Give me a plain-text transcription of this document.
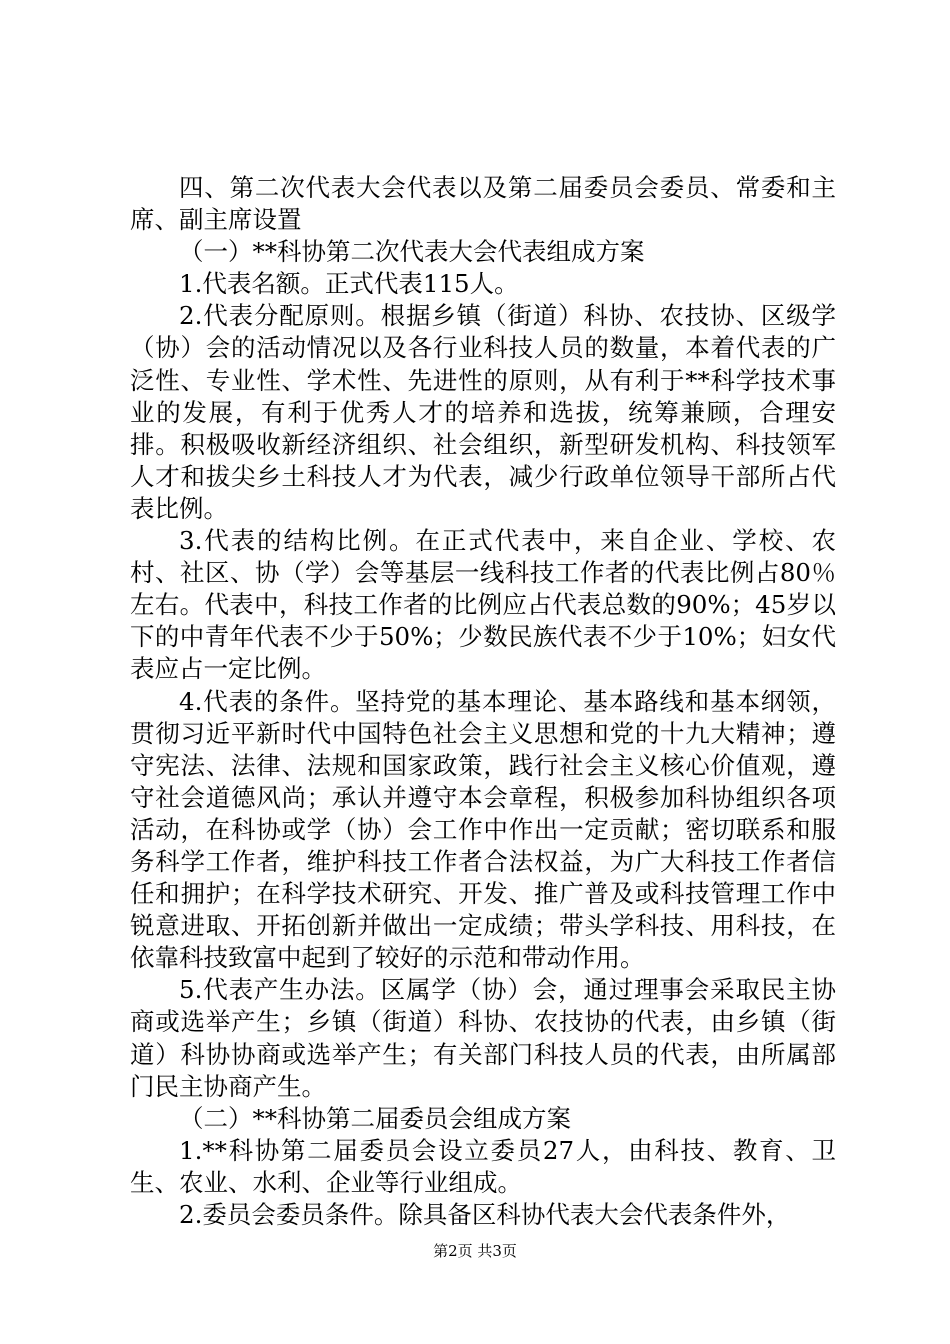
四、第二次代表大会代表以及第二届委员会委员、常委和主席、副主席设置

（一）**科协第二次代表大会代表组成方案

1.代表名额。正式代表115人。

2.代表分配原则。根据乡镇（街道）科协、农技协、区级学（协）会的活动情况以及各行业科技人员的数量，本着代表的广泛性、专业性、学术性、先进性的原则，从有利于**科学技术事业的发展，有利于优秀人才的培养和选拔，统筹兼顾，合理安排。积极吸收新经济组织、社会组织，新型研发机构、科技领军人才和拔尖乡土科技人才为代表，减少行政单位领导干部所占代表比例。

3.代表的结构比例。在正式代表中，来自企业、学校、农村、社区、协（学）会等基层一线科技工作者的代表比例占80％左右。代表中，科技工作者的比例应占代表总数的90%；45岁以下的中青年代表不少于50%；少数民族代表不少于10%；妇女代表应占一定比例。

4.代表的条件。坚持党的基本理论、基本路线和基本纲领，贯彻习近平新时代中国特色社会主义思想和党的十九大精神；遵守宪法、法律、法规和国家政策，践行社会主义核心价值观，遵守社会道德风尚；承认并遵守本会章程，积极参加科协组织各项活动，在科协或学（协）会工作中作出一定贡献；密切联系和服务科学工作者，维护科技工作者合法权益，为广大科技工作者信任和拥护；在科学技术研究、开发、推广普及或科技管理工作中锐意进取、开拓创新并做出一定成绩；带头学科技、用科技，在依靠科技致富中起到了较好的示范和带动作用。

5.代表产生办法。区属学（协）会，通过理事会采取民主协商或选举产生；乡镇（街道）科协、农技协的代表，由乡镇（街道）科协协商或选举产生；有关部门科技人员的代表，由所属部门民主协商产生。

（二）**科协第二届委员会组成方案

1.**科协第二届委员会设立委员27人，由科技、教育、卫生、农业、水利、企业等行业组成。

2.委员会委员条件。除具备区科协代表大会代表条件外，

第2页 共3页
